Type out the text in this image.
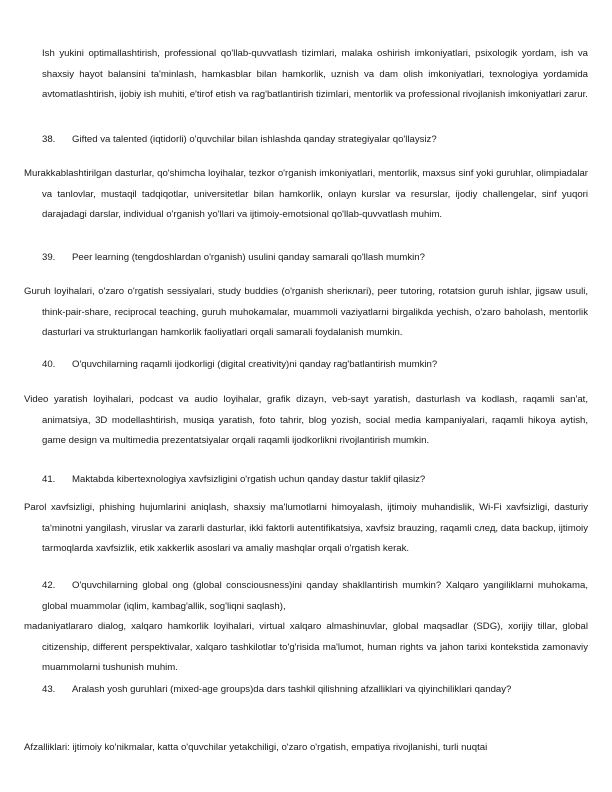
Ish yukini optimallashtirish, professional qo'llab-quvvatlash tizimlari, malaka oshirish imkoniyatlari, psixologik yordam, ish va shaxsiy hayot balansini ta'minlash, hamkasblar bilan hamkorlik, uznish va dam olish imkoniyatlari, texnologiya yordamida avtomatlashtirish, ijobiy ish muhiti, e'tirof etish va rag'batlantirish tizimlari, mentorlik va professional rivojlanish imkoniyatlari zarur.

38. Gifted va talented (iqtidorli) o'quvchilar bilan ishlashda qanday strategiyalar qo'llaysiz?

Murakkablashtirilgan dasturlar, qo'shimcha loyihalar, tezkor o'rganish imkoniyatlari, mentorlik, maxsus sinf yoki guruhlar, olimpiadalar va tanlovlar, mustaqil tadqiqotlar, universitetlar bilan hamkorlik, onlayn kurslar va resurslar, ijodiy challengelar, sinf yuqori darajadagi darslar, individual o'rganish yo'llari va ijtimoiy-emotsional qo'llab-quvvatlash muhim.

39. Peer learning (tengdoshlardan o'rganish) usulini qanday samarali qo'llash mumkin?

Guruh loyihalari, o'zaro o'rgatish sessiyalari, study buddies (o'rganish sheriклari), peer tutoring, rotatsion guruh ishlar, jigsaw usuli, think-pair-share, reciprocal teaching, guruh muhokamalar, muammoli vaziyatlarni birgalikda yechish, o'zaro baholash, mentorlik dasturlari va strukturlangan hamkorlik faoliyatlari orqali samarali foydalanish mumkin.

40. O'quvchilarning raqamli ijodkorligi (digital creativity)ni qanday rag'batlantirish mumkin?

Video yaratish loyihalari, podcast va audio loyihalar, grafik dizayn, veb-sayt yaratish, dasturlash va kodlash, raqamli san'at, animatsiya, 3D modellashtirish, musiqa yaratish, foto tahrir, blog yozish, social media kampaniyalari, raqamli hikoya aytish, game design va multimedia prezentatsiyalar orqali raqamli ijodkorlikni rivojlantirish mumkin.

41. Maktabda kibertexnologiya xavfsizligini o'rgatish uchun qanday dastur taklif qilasiz?

Parol xavfsizligi, phishing hujumlarini aniqlash, shaxsiy ma'lumotlarni himoyalash, ijtimoiy muhandislik, Wi-Fi xavfsizligi, dasturiy ta'minotni yangilash, viruslar va zararli dasturlar, ikki faktorli autentifikatsiya, xavfsiz brauzing, raqamli след, data backup, ijtimoiy tarmoqlarda xavfsizlik, etik xakkerlik asoslari va amaliy mashqlar orqali o'rgatish kerak.

42. O'quvchilarning global ong (global consciousness)ini qanday shakllantirish mumkin? Xalqaro yangiliklarni muhokama, global muammolar (iqlim, kambag'allik, sog'liqni saqlash),

madaniyatlararo dialog, xalqaro hamkorlik loyihalari, virtual xalqaro almashinuvlar, global maqsadlar (SDG), xorijiy tillar, global citizenship, different perspektivalar, xalqaro tashkilotlar to'g'risida ma'lumot, human rights va jahon tarixi kontekstida zamonaviy muammolarni tushunish muhim.

43. Aralash yosh guruhlari (mixed-age groups)da dars tashkil qilishning afzalliklari va qiyinchiliklari qanday?

Afzalliklari: ijtimoiy ko'nikmalar, katta o'quvchilar yetakchiligi, o'zaro o'rgatish, empatiya rivojlanishi, turli nuqtai
